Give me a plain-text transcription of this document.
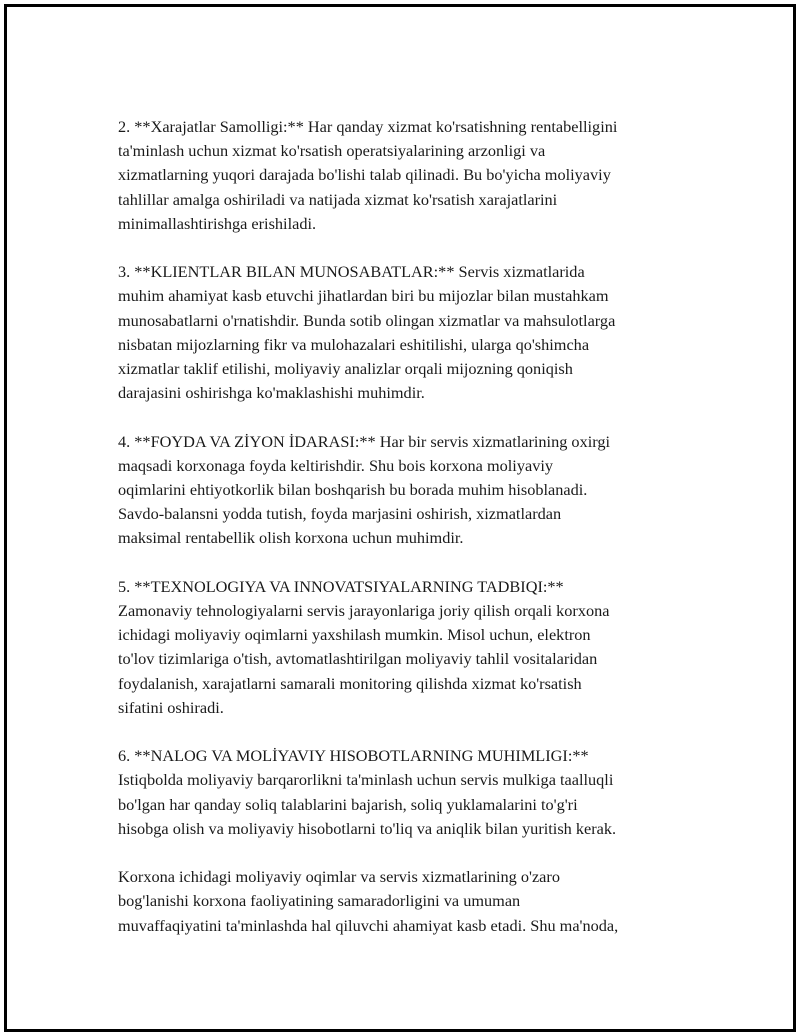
2. **Xarajatlar Samolligi:** Har qanday xizmat ko'rsatishning rentabelligini
ta'minlash uchun xizmat ko'rsatish operatsiyalarining arzonligi va
xizmatlarning yuqori darajada bo'lishi talab qilinadi. Bu bo'yicha moliyaviy
tahlillar amalga oshiriladi va natijada xizmat ko'rsatish xarajatlarini
minimallashtirishga erishiladi.

3. **KLIENTLAR BILAN MUNOSABATLAR:** Servis xizmatlarida
muhim ahamiyat kasb etuvchi jihatlardan biri bu mijozlar bilan mustahkam
munosabatlarni o'rnatishdir. Bunda sotib olingan xizmatlar va mahsulotlarga
nisbatan mijozlarning fikr va mulohazalari eshitilishi, ularga qo'shimcha
xizmatlar taklif etilishi, moliyaviy analizlar orqali mijozning qoniqish
darajasini oshirishga ko'maklashishi muhimdir.

4. **FOYDA VA ZİYON İDARASI:** Har bir servis xizmatlarining oxirgi
maqsadi korxonaga foyda keltirishdir. Shu bois korxona moliyaviy
oqimlarini ehtiyotkorlik bilan boshqarish bu borada muhim hisoblanadi.
Savdo-balansni yodda tutish, foyda marjasini oshirish, xizmatlardan
maksimal rentabellik olish korxona uchun muhimdir.

5. **TEXNOLOGIYA VA INNOVATSIYALARNING TADBIQI:**
Zamonaviy tehnologiyalarni servis jarayonlariga joriy qilish orqali korxona
ichidagi moliyaviy oqimlarni yaxshilash mumkin. Misol uchun, elektron
to'lov tizimlariga o'tish, avtomatlashtirilgan moliyaviy tahlil vositalaridan
foydalanish, xarajatlarni samarali monitoring qilishda xizmat ko'rsatish
sifatini oshiradi.

6. **NALOG VA MOLİYAVIY HISOBOTLARNING MUHIMLIGI:**
Istiqbolda moliyaviy barqarorlikni ta'minlash uchun servis mulkiga taalluqli
bo'lgan har qanday soliq talablarini bajarish, soliq yuklamalarini to'g'ri
hisobga olish va moliyaviy hisobotlarni to'liq va aniqlik bilan yuritish kerak.

Korxona ichidagi moliyaviy oqimlar va servis xizmatlarining o'zaro
bog'lanishi korxona faoliyatining samaradorligini va umuman
muvaffaqiyatini ta'minlashda hal qiluvchi ahamiyat kasb etadi. Shu ma'noda,
